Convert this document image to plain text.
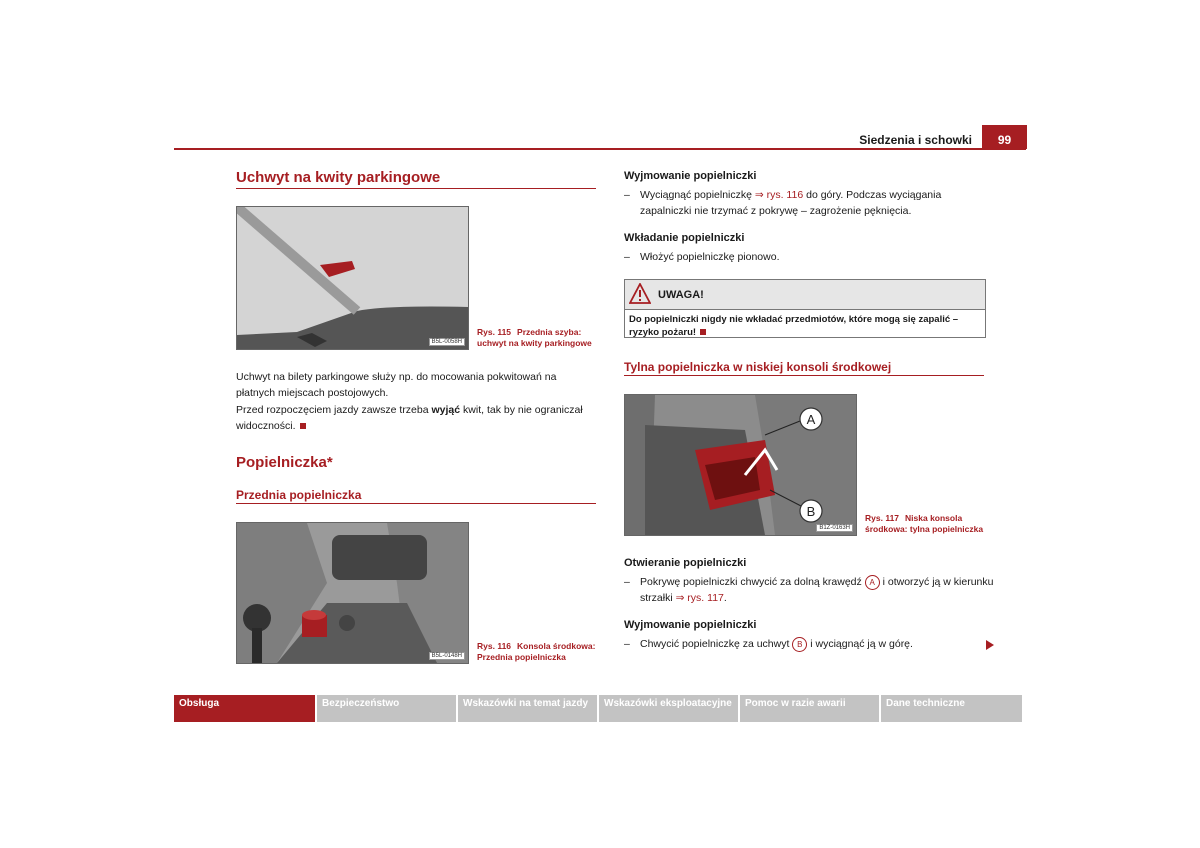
Siedzenia i schowki	99
Uchwyt na kwity parkingowe
B5L-0058H
Rys. 115 Przednia szyba: uchwyt na kwity parkingowe
Uchwyt na bilety parkingowe służy np. do mocowania pokwitowań na płatnych miejscach postojowych.
Przed rozpoczęciem jazdy zawsze trzeba wyjąć kwit, tak by nie ograniczał widoczności.
Popielniczka*
Przednia popielniczka
B5L-0148H
Rys. 116 Konsola środkowa: Przednia popielniczka
Wyjmowanie popielniczki
– Wyciągnąć popielniczkę ⇒ rys. 116 do góry. Podczas wyciągania zapalniczki nie trzymać z pokrywę – zagrożenie pęknięcia.
Wkładanie popielniczki
– Włożyć popielniczkę pionowo.
UWAGA!
Do popielniczki nigdy nie wkładać przedmiotów, które mogą się zapalić – ryzyko pożaru!
Tylna popielniczka w niskiej konsoli środkowej
A
B
B1Z-0163H
Rys. 117 Niska konsola środkowa: tylna popielniczka
Otwieranie popielniczki
– Pokrywę popielniczki chwycić za dolną krawędź A i otworzyć ją w kierunku strzałki ⇒ rys. 117.
Wyjmowanie popielniczki
– Chwycić popielniczkę za uchwyt B i wyciągnąć ją w górę.
Obsługa	Bezpieczeństwo	Wskazówki na temat jazdy	Wskazówki eksploatacyjne	Pomoc w razie awarii	Dane techniczne
